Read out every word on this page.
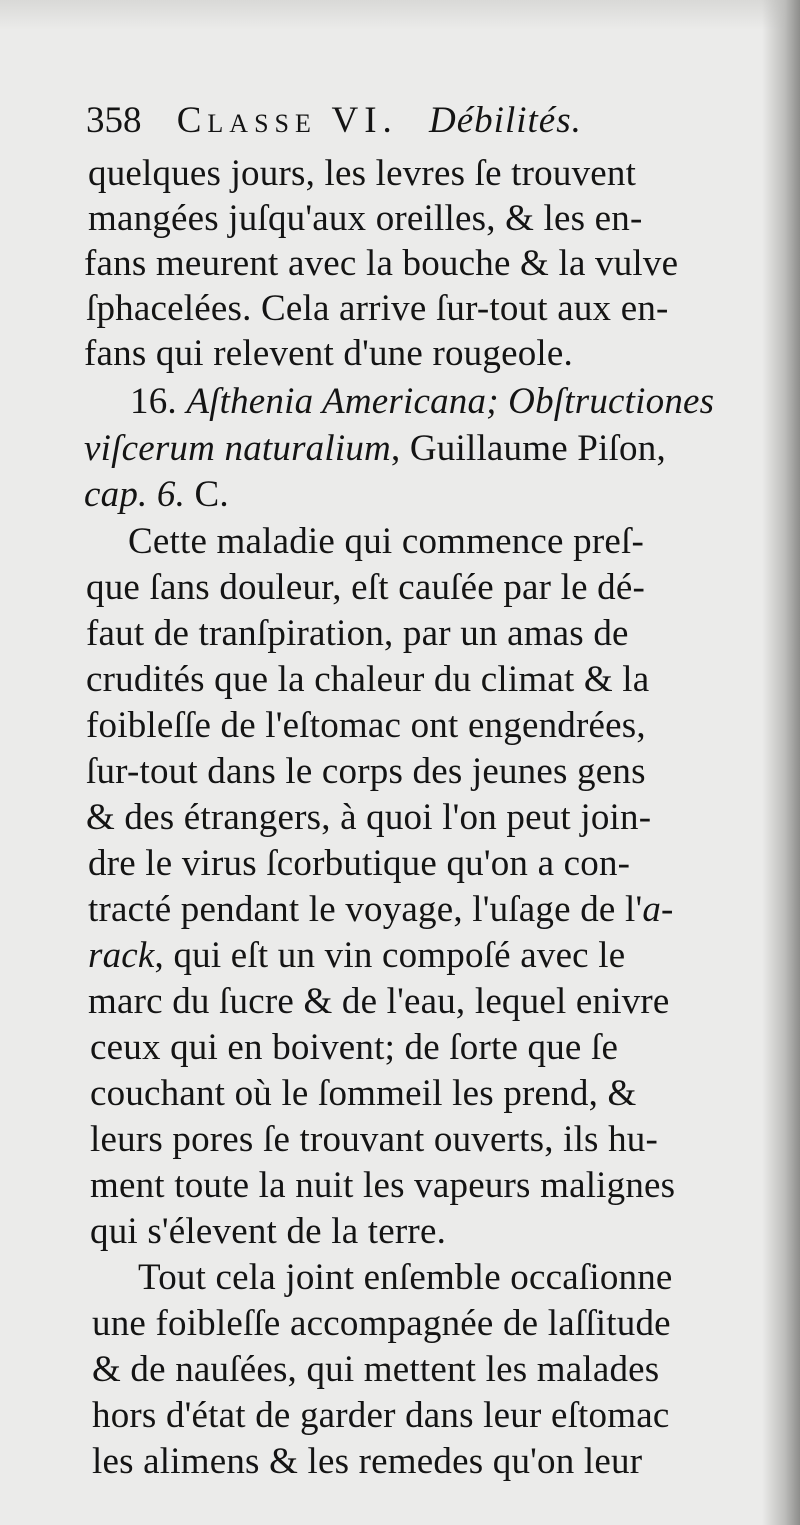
358 Classe VI. Débilités.
quelques jours, les levres ſe trouvent
mangées juſqu'aux oreilles, & les en-
fans meurent avec la bouche & la vulve
ſphacelées. Cela arrive ſur-tout aux en-
fans qui relevent d'une rougeole.
16. Aſthenia Americana; Obſtructiones
viſcerum naturalium, Guillaume Piſon,
cap. 6. C.
Cette maladie qui commence preſ-
que ſans douleur, eſt cauſée par le dé-
faut de tranſpiration, par un amas de
crudités que la chaleur du climat & la
foibleſſe de l'eſtomac ont engendrées,
ſur-tout dans le corps des jeunes gens
& des étrangers, à quoi l'on peut join-
dre le virus ſcorbutique qu'on a con-
tracté pendant le voyage, l'uſage de l'a-
rack, qui eſt un vin compoſé avec le
marc du ſucre & de l'eau, lequel enivre
ceux qui en boivent; de ſorte que ſe
couchant où le ſommeil les prend, &
leurs pores ſe trouvant ouverts, ils hu-
ment toute la nuit les vapeurs malignes
qui s'élevent de la terre.
Tout cela joint enſemble occaſionne
une foibleſſe accompagnée de laſſitude
& de nauſées, qui mettent les malades
hors d'état de garder dans leur eſtomac
les alimens & les remedes qu'on leur
